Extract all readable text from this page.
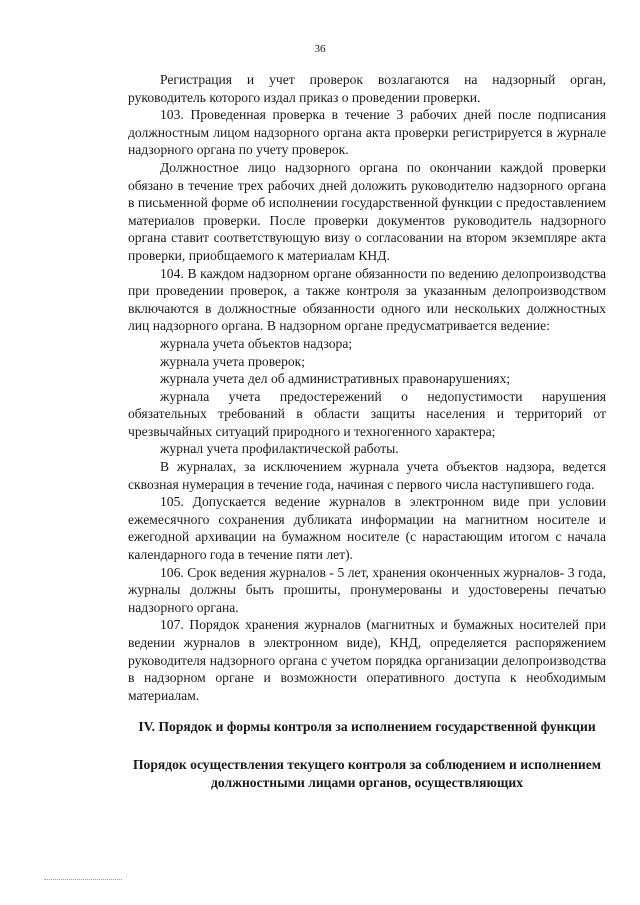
36

Регистрация и учет проверок возлагаются на надзорный орган, руководитель которого издал приказ о проведении проверки.

103. Проведенная проверка в течение 3 рабочих дней после подписания должностным лицом надзорного органа акта проверки регистрируется в журнале надзорного органа по учету проверок.

Должностное лицо надзорного органа по окончании каждой проверки обязано в течение трех рабочих дней доложить руководителю надзорного органа в письменной форме об исполнении государственной функции с предоставлением материалов проверки. После проверки документов руководитель надзорного органа ставит соответствующую визу о согласовании на втором экземпляре акта проверки, приобщаемого к материалам КНД.

104. В каждом надзорном органе обязанности по ведению делопроизводства при проведении проверок, а также контроля за указанным делопроизводством включаются в должностные обязанности одного или нескольких должностных лиц надзорного органа. В надзорном органе предусматривается ведение:

журнала учета объектов надзора;

журнала учета проверок;

журнала учета дел об административных правонарушениях;

журнала учета предостережений о недопустимости нарушения обязательных требований в области защиты населения и территорий от чрезвычайных ситуаций природного и техногенного характера;

журнал учета профилактической работы.

В журналах, за исключением журнала учета объектов надзора, ведется сквозная нумерация в течение года, начиная с первого числа наступившего года.

105. Допускается ведение журналов в электронном виде при условии ежемесячного сохранения дубликата информации на магнитном носителе и ежегодной архивации на бумажном носителе (с нарастающим итогом с начала календарного года в течение пяти лет).

106. Срок ведения журналов - 5 лет, хранения оконченных журналов- 3 года, журналы должны быть прошиты, пронумерованы и удостоверены печатью надзорного органа.

107. Порядок хранения журналов (магнитных и бумажных носителей при ведении журналов в электронном виде), КНД, определяется распоряжением руководителя надзорного органа с учетом порядка организации делопроизводства в надзорном органе и возможности оперативного доступа к необходимым материалам.

IV. Порядок и формы контроля за исполнением государственной функции
Порядок осуществления текущего контроля за соблюдением и исполнением должностными лицами органов, осуществляющих
